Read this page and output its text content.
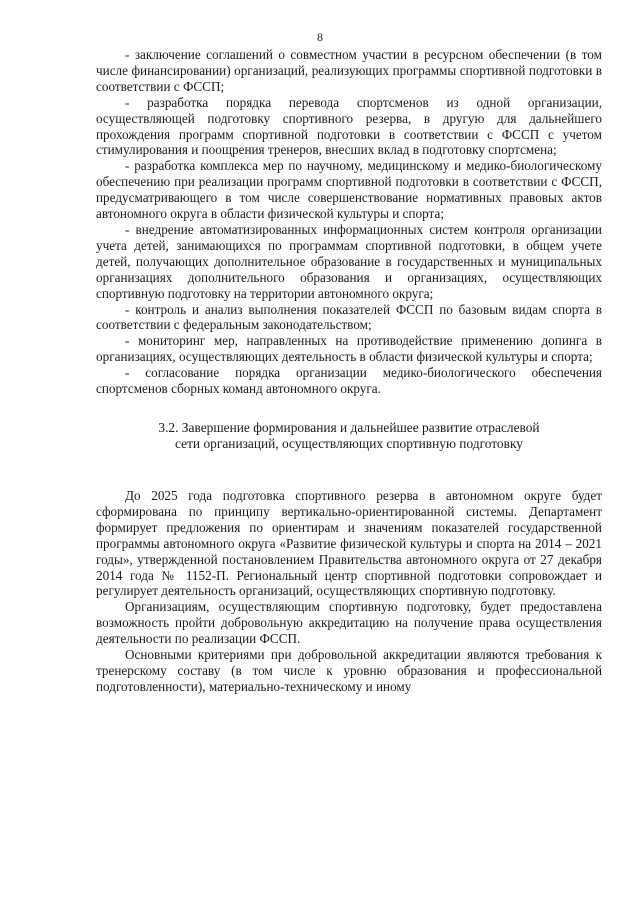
8

- заключение соглашений о совместном участии в ресурсном обеспечении (в том числе финансировании) организаций, реализующих программы спортивной подготовки в соответствии с ФССП;

- разработка порядка перевода спортсменов из одной организации, осуществляющей подготовку спортивного резерва, в другую для дальнейшего прохождения программ спортивной подготовки в соответствии с ФССП с учетом стимулирования и поощрения тренеров, внесших вклад в подготовку спортсмена;

- разработка комплекса мер по научному, медицинскому и медико-биологическому обеспечению при реализации программ спортивной подготовки в соответствии с ФССП, предусматривающего в том числе совершенствование нормативных правовых актов автономного округа в области физической культуры и спорта;

- внедрение автоматизированных информационных систем контроля организации учета детей, занимающихся по программам спортивной подготовки, в общем учете детей, получающих дополнительное образование в государственных и муниципальных организациях дополнительного образования и организациях, осуществляющих спортивную подготовку на территории автономного округа;

- контроль и анализ выполнения показателей ФССП по базовым видам спорта в соответствии с федеральным законодательством;

- мониторинг мер, направленных на противодействие применению допинга в организациях, осуществляющих деятельность в области физической культуры и спорта;

- согласование порядка организации медико-биологического обеспечения спортсменов сборных команд автономного округа.

3.2. Завершение формирования и дальнейшее развитие отраслевой
сети организаций, осуществляющих спортивную подготовку

До 2025 года подготовка спортивного резерва в автономном округе будет сформирована по принципу вертикально-ориентированной системы. Департамент формирует предложения по ориентирам и значениям показателей государственной программы автономного округа «Развитие физической культуры и спорта на 2014 – 2021 годы», утвержденной постановлением Правительства автономного округа от 27 декабря 2014 года № 1152-П. Региональный центр спортивной подготовки сопровождает и регулирует деятельность организаций, осуществляющих спортивную подготовку.

Организациям, осуществляющим спортивную подготовку, будет предоставлена возможность пройти добровольную аккредитацию на получение права осуществления деятельности по реализации ФССП.

Основными критериями при добровольной аккредитации являются требования к тренерскому составу (в том числе к уровню образования и профессиональной подготовленности), материально-техническому и иному
